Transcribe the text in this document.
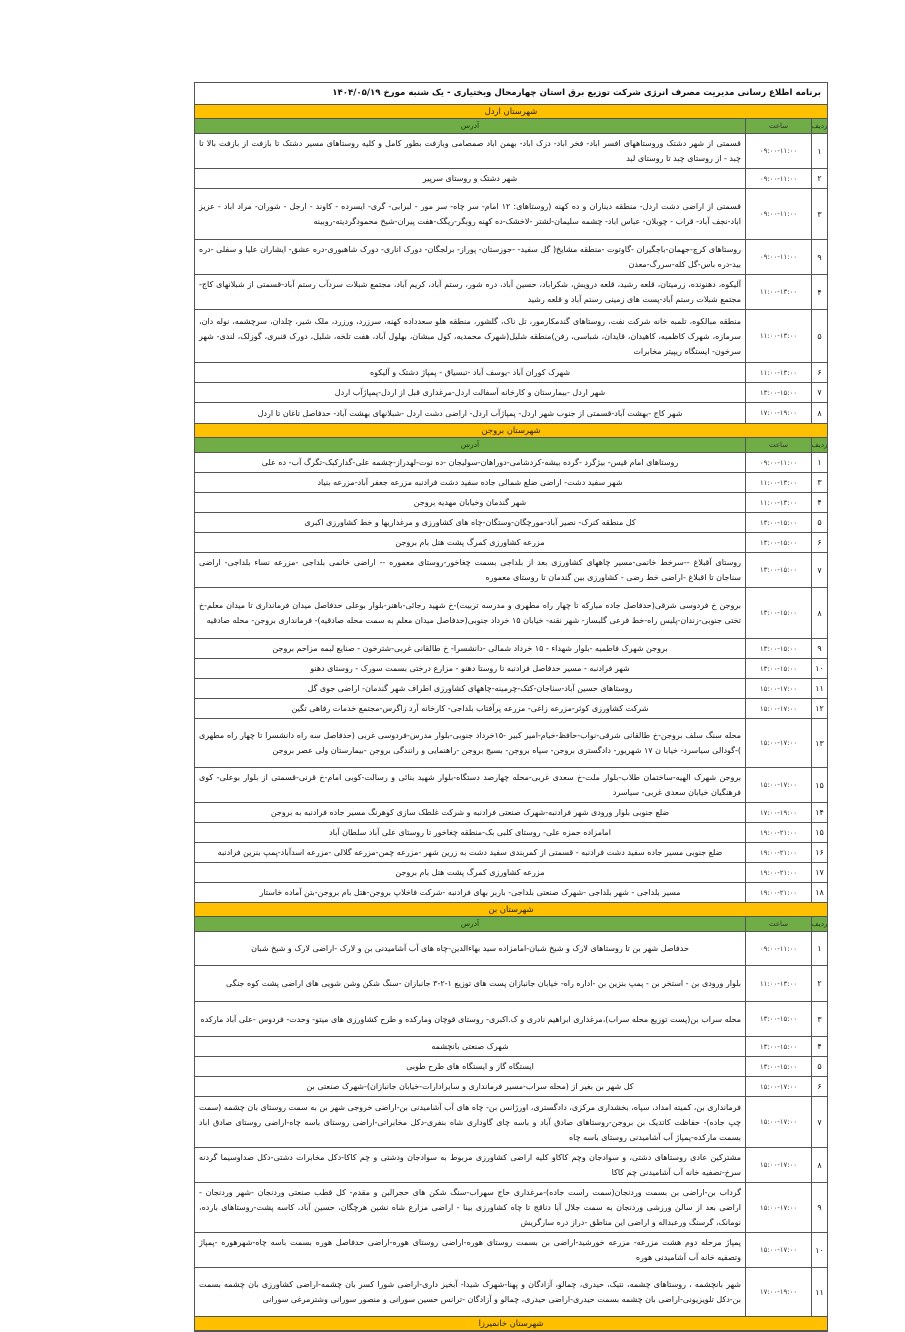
برنامه اطلاع رسانی مدیریت مصرف انرژی شرکت توزیع برق استان چهارمحال وبختیاری - یک شنبه مورخ ۱۴۰۴/۰۵/۱۹
شهرستان اردل
ردیف
ساعت
آدرس
۱
۰۹:۰۰-۱۱:۰۰
قسمتی از شهر دشتک وروستاههای افسر اباد- فخر اباد- دزک اباد- بهمن اباد صمصامی وبازفت بطور کامل و کلیه روستاهای مسیر دشتک تا بازفت از بازفت بالا تا چبد - از روستای چبد تا روستای لبد
۲
۰۹:۰۰-۱۱:۰۰
شهر دشتک و روستای سرپیر
۳
۰۹:۰۰-۱۱:۰۰
قسمتی از اراضی دشت اردل- منطقه دیناران و ده کهنه (روستاهای: ۱۲ امام- سر چاه- سر مور - لبرابی- گری- ایسرده - کاوند - ارجل - شوران- مراد اباد - عزیز اباد-نجف آباد- قراب - چوبلان- عباس اباد- چشمه سلیمان-لشتر -لاخشک-ده کهنه روبگر-ریگک-هفت پیران-شیخ محمودگردیته-روبینه
۹
۰۹:۰۰-۱۱:۰۰
روستاهای کرچ-جهمان-باجگیران -گاوتوت -منطقه مشایخ( گل سفید- -جوزستان- پوراز- برلجگان- دورک اناری- دورک شاهبوری-دره عشق- ایشاران علیا و سفلی -دره بید-دره باس-گل کله-سررگ-معدن
۴
۱۱:۰۰-۱۳:۰۰
آلیکوه، دهنونده، زرمیتان، قلعه رشید، قلعه درویش، شکراباد، حسین آباد، دره شور، رستم آباد، کریم آباد، مجتمع شبلات سردآب رستم آباد-قسمتی از شبلانهای کاج-مجتمع شبلات رستم آباد-پست های زمینی رستم آباد و قلعه رشید
۵
۱۱:۰۰-۱۳:۰۰
منطقه مبالکوه، تلمبه خانه شرکت نفت، روستاهای گندمکارمور، تل ناک، گلشور، منطقه هلو سعدداده کهنه، سرزرد، ورزرد، ملک شیر، چلدان، سرچشمه، نوله دان، سرمازه، شهرک کاظمیه، کاهیدان، قایدان، شباسی، رفن)منطقه شلیل(شهرک محمدیه، کول مبشان، بهلول آباد، هفت تلخه، شلیل، دورک قنبری، گوزلک، لندی- شهر سرخون- ایستگاه ریپیتر مخابرات
۶
۱۱:۰۰-۱۳:۰۰
شهرک کوران آباد -یوسف آباد -تبسیاق - پمپاژ دشتک و آلیکوه
۷
۱۳:۰۰-۱۵:۰۰
شهر اردل -بیمارستان و کارخانه آسفالت اردل-مرغداری قبل از اردل-پمپاژآب اردل
۸
۱۷:۰۰-۱۹:۰۰
شهر کاج -بهشت آباد-قسمتی از جنوب شهر اردل- پمپاژآب اردل- اراضی دشت اردل -شبلانهای بهشت آباد- حدفاصل تاغان تا اردل
شهرستان بروجن
ردیف
ساعت
آدرس
۱
۰۹:۰۰-۱۱:۰۰
روستاهای امام قیس- بیژگرد -گرده بیشه-کردشامی-دوراهان-سولیجان -ده نوت-لهدراز-چشمه علی-گدارکبک-تگرگ آب- ده علی
۳
۱۱:۰۰-۱۳:۰۰
شهر سفید دشت- اراضی ضلع شمالی جاده سفید دشت فرادنبه مزرعه جعفر آباد-مزرعه بنیاد
۴
۱۱:۰۰-۱۳:۰۰
شهر گندمان وخیابان مهدیه بروجن
۵
۱۳:۰۰-۱۵:۰۰
کل منطقه کنرک- نصیر آباد-مورچگان-وستگان-چاه های کشاورزی و مرغداریها و خط کشاورزی اکبری
۶
۱۳:۰۰-۱۵:۰۰
مزرعه کشاورزی کمرگ پشت هتل بام بروجن
۷
۱۳:۰۰-۱۵:۰۰
روستای آقبلاغ --سرخط خانمی-مسیر چاههای کشاورزی بعد از بلداجی بسمت چغاخور-روستای معموره -- اراضی خانمی بلداجی -مزرعه نساء بلداجی- اراضی سناجان تا اقبلاغ -اراضی خط رضی - کشاورزی بین گندمان تا روستای معموره
۸
۱۳:۰۰-۱۵:۰۰
بروجن خ فردوسی شرقی(حدفاصل جاده مبارکه تا چهار راه مطهری و مدرسه تربیت)-خ شهید رجائی-باهنر-بلوار بوعلی حدفاصل میدان فرمانداری تا میدان معلم-خ تختی جنوبی-زندان-پلیس راه-خط فرعی گلبساز- شهر نقنه- خیابان ۱۵ خرداد جنوبی(حدفاصل میدان معلم به سمت محله صادقیه)- فرمانداری بروجن- محله صادقیه
۹
۱۳:۰۰-۱۵:۰۰
بروجن شهرک فاطمیه -بلوار شهداء - ۱۵ خرداد شمالی -دانشسرا- خ طالقانی غربی-شترخون - صنایع لبمه مزاحم بروجن
۱۰
۱۳:۰۰-۱۵:۰۰
شهر فرادنبه - مسیر حدفاصل فرادنبه تا روستا دهنو - مزارع درختی بسمت سورک - روستای دهنو
۱۱
۱۵:۰۰-۱۷:۰۰
روستاهای حسین آباد-سناجان-کتک-چرمینه-چاههای کشاورزی اطراف شهر گندمان- اراضی جوی گل
۱۲
۱۵:۰۰-۱۷:۰۰
شرکت کشاورزی کوثر-مزرعه زاغی- مزرعه پرآفتاب بلداجی- کارخانه آرد زاگرس-مجتمع خدمات رفاهی تگین
۱۳
۱۵:۰۰-۱۷:۰۰
محله سنگ سلف بروجن-خ طالقانی شرقی-نواب-حافظ-خیام-امیر کبیر -۱۵خرداد جنوبی-بلوار مدرس-فردوسی غربی (حدفاصل سه راه دانشسرا تا چهار راه مطهری )-گودالی سیاسرد- خیابا ن ۱۷ شهریور- دادگستری بروجن- سپاه بروجن- بسیج بروجن -راهنمایی و رانندگی بروجن -بیمارستان ولی عصر بروجن
۱۵
۱۵:۰۰-۱۷:۰۰
بروجن شهرک الهیه-ساختمان طلاب-بلوار ملت-خ سعدی غربی-محله چهارصد دستگاه-بلوار شهید بنائی و رسالت-کوبی امام-خ قرنی-قسمتی از بلوار بوعلی- کوی فرهنگیان خیابان سعدی غربی- سیاسرد
۱۴
۱۷:۰۰-۱۹:۰۰
ضلع جنوبی بلوار ورودی شهر فرادنبه-شهرک صنعتی فرادنبه و شرکت غلطک سازی کوهرنگ مسیر جاده فرادنبه به بروجن
۱۵
۱۹:۰۰-۲۱:۰۰
امامزاده حمزه علی- روستای کلبی بک-منطقه چغاخور تا روستای علی آباد سلطان آباد
۱۶
۱۹:۰۰-۲۱:۰۰
ضلع جنوبی مسیر جاده سفید دشت فرادنبه - قسمتی از کمربندی سفید دشت به زرین شهر -مزرعه چمن-مزرعه گلالی -مزرعه اسدآباد-پمپ بنزین فرادنبه
۱۷
۱۹:۰۰-۲۱:۰۰
مزرعه کشاورزی کمرگ پشت هتل بام بروجن
۱۸
۱۹:۰۰-۲۱:۰۰
مسیر بلداجی - شهر بلداجی -شهرک صنعتی بلداجی- باربر بهای فرادنبه -شرکت فاخلاپ بروجن-هتل بام بروجن-بتن آماده خاستار
شهرستان بن
ردیف
ساعت
آدرس
۱
۰۹:۰۰-۱۱:۰۰
حدفاصل شهر بن تا روستاهای لارک و شیخ شبان-امامزاده سید بهاءالدین-چاه های آب آشامیدنی بن و لارک -اراضی لارک و شیخ شبان
۲
۱۱:۰۰-۱۳:۰۰
بلوار ورودی بن - استخر بن - پمپ بنزین بن -اداره راه- خیابان جانبازان پست های توزیع ۱-۲-۳ جانبازان -سنگ شکن وشن شویی های اراضی پشت کوه جنگی
۳
۱۳:۰۰-۱۵:۰۰
محله سراب بن(پست توزیع محله سراب)،مرغداری ابراهیم نادری و ک.اکبری- روستای قوچان ومارکده و طرح کشاورزی های میتو- وحدت- فردوس -علی آباد مارکده
۴
۱۳:۰۰-۱۵:۰۰
شهرک صنعتی بانچشمه
۵
۱۳:۰۰-۱۵:۰۰
ایستگاه گاز و ایستگاه های طرح طوبی
۶
۱۵:۰۰-۱۷:۰۰
کل شهر بن بغیر از (محله سراب-مسیر فرمانداری و سایرادارات-خیابان جانبازان)-شهرک صنعتی بن
۷
۱۵:۰۰-۱۷:۰۰
فرمانداری بن، کمیته امداد، سپاه، بخشداری مرکزی، دادگستری، اورژانس بن- چاه های آب آشامیدنی بن-اراضی خروجی شهر بن به سمت روستای بان چشمه (سمت چپ جاده)- حفاظت کاتدیک بن بروجن-روستاهای صادق آباد و باسه چای گاوداری شاه بنفری-دکل مخابراتی-اراضی روستای باسه چاه-اراضی روستای صادق اباد بسمت مارکده-پمپاژ آب آشامیدنی روستای باسه چاه
۸
۱۵:۰۰-۱۷:۰۰
مشترکین عادی روستاهای دشتی، و سوادجان وچم کاکاو کلیه اراضی کشاورزی مربوط به سوادجان ودشتی و چم کاکا-دکل مخابرات دشتی-دکل صداوسیما گردنه سرخ-تصفیه خانه آب آشامیدنی چم کاکا
۹
۱۵:۰۰-۱۷:۰۰
گرداب بن-اراضی بن بسمت وردنجان(سمت راست جاده)-مرغداری حاج سهراب-سنگ شکن های حجرالبن و مقدم- کل قطب صنعتی وردنجان -شهر وردنجان - اراضی بعد از سالن ورزشی وردنجان به سمت جلال آبا دناقج تا چاه کشاورزی بینا - اراضی مزارع شاه نشین هرچگان، حسین آباد، کاسه پشت-روستاهای بارده، نومانک، گرسنگ ورعبداله و اراضی این مناطق -دراز دره سارگریش
۱۰
۱۵:۰۰-۱۷:۰۰
پمپاژ مرحله دوم هشت مزرعه- مزرعه خورشید-اراضی بن بسمت روستای هوره-اراضی روستای هوره-اراضی حدفاصل هوره بسمت باسه چاه-شهرهوره -پمپاژ وتصفیه خانه آب آشامیدنی هوره
۱۱
۱۷:۰۰-۱۹:۰۰
شهر بانچشمه ، روستاهای چشمه، نتیک، حیدری، چمالو، آزادگان و پهنا-شهرک شیدا- آبخیز داری-اراضی شورا کسر بان چشمه-اراضی کشاورزی بان چشمه بسمت بن-دکل تلویزیونی-اراضی بان چشمه بسمت حیدری-اراضی حیدری، چمالو و آزادگان -ترانس حسین سورانی و منصور سورانی وشترمرغی سورانی
شهرستان خانمیرزا
